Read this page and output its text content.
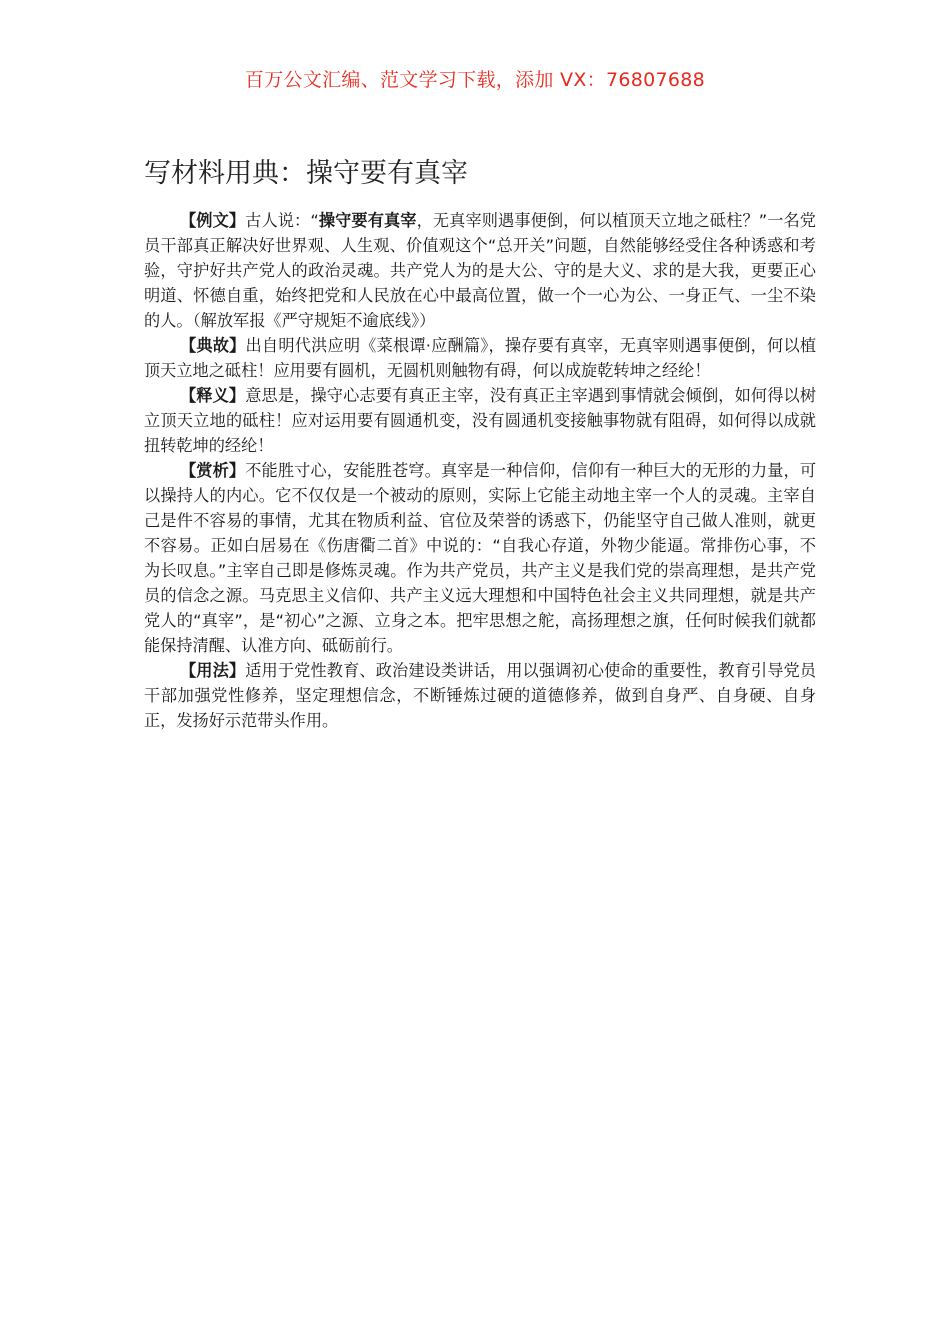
百万公文汇编、范文学习下载，添加 VX：76807688
写材料用典：操守要有真宰

【例文】古人说：“操守要有真宰，无真宰则遇事便倒，何以植顶天立地之砥柱？”一名党员干部真正解决好世界观、人生观、价值观这个“总开关”问题，自然能够经受住各种诱惑和考验，守护好共产党人的政治灵魂。共产党人为的是大公、守的是大义、求的是大我，更要正心明道、怀德自重，始终把党和人民放在心中最高位置，做一个一心为公、一身正气、一尘不染的人。（解放军报《严守规矩不逾底线》）

【典故】出自明代洪应明《菜根谭·应酬篇》，操存要有真宰，无真宰则遇事便倒，何以植顶天立地之砥柱！应用要有圆机，无圆机则触物有碍，何以成旋乾转坤之经纶！

【释义】意思是，操守心志要有真正主宰，没有真正主宰遇到事情就会倾倒，如何得以树立顶天立地的砥柱！应对运用要有圆通机变，没有圆通机变接触事物就有阻碍，如何得以成就扭转乾坤的经纶！

【赏析】不能胜寸心，安能胜苍穹。真宰是一种信仰，信仰有一种巨大的无形的力量，可以操持人的内心。它不仅仅是一个被动的原则，实际上它能主动地主宰一个人的灵魂。主宰自己是件不容易的事情，尤其在物质利益、官位及荣誉的诱惑下，仍能坚守自己做人准则，就更不容易。正如白居易在《伤唐衢二首》中说的：“自我心存道，外物少能逼。常排伤心事，不为长叹息。”主宰自己即是修炼灵魂。作为共产党员，共产主义是我们党的崇高理想，是共产党员的信念之源。马克思主义信仰、共产主义远大理想和中国特色社会主义共同理想，就是共产党人的“真宰”，是“初心”之源、立身之本。把牢思想之舵，高扬理想之旗，任何时候我们就都能保持清醒、认准方向、砥砺前行。

【用法】适用于党性教育、政治建设类讲话，用以强调初心使命的重要性，教育引导党员干部加强党性修养，坚定理想信念，不断锤炼过硬的道德修养，做到自身严、自身硬、自身正，发扬好示范带头作用。
